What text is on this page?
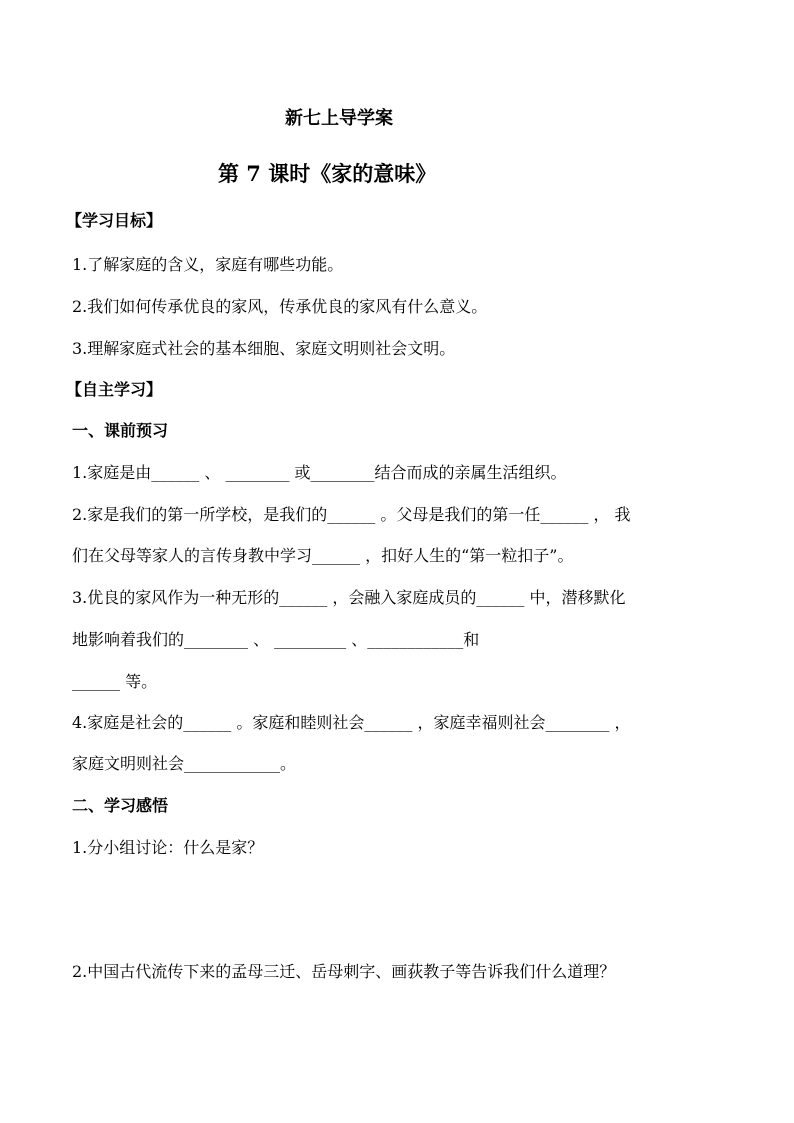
新七上导学案
第 7 课时《家的意味》
【学习目标】
1.了解家庭的含义，家庭有哪些功能。
2.我们如何传承优良的家风，传承优良的家风有什么意义。
3.理解家庭式社会的基本细胞、家庭文明则社会文明。
【自主学习】
一、课前预习
1.家庭是由______ 、 ________ 或________结合而成的亲属生活组织。
2.家是我们的第一所学校，是我们的______ 。父母是我们的第一任______ ， 我
们在父母等家人的言传身教中学习______ ，扣好人生的“第一粒扣子”。
3.优良的家风作为一种无形的______ ，会融入家庭成员的______ 中，潜移默化
地影响着我们的________ 、 _________ 、____________和
______ 等。
4.家庭是社会的______ 。家庭和睦则社会______ ，家庭幸福则社会________ ，
家庭文明则社会____________。
二、学习感悟
1.分小组讨论：什么是家？
2.中国古代流传下来的孟母三迁、岳母刺字、画荻教子等告诉我们什么道理？
